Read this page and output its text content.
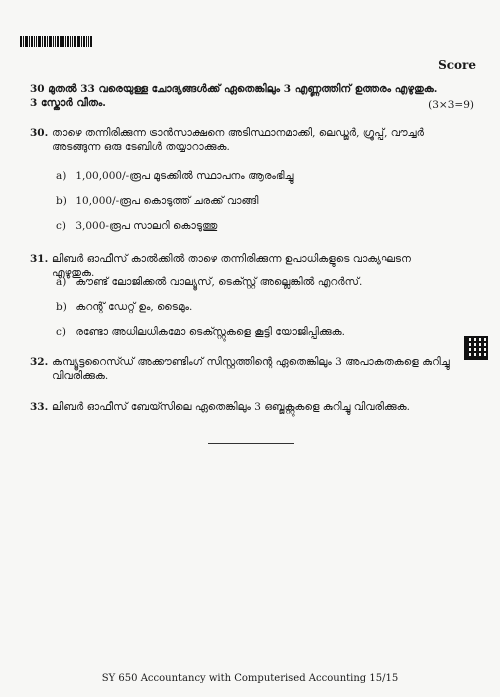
Score
30 മുതൽ 33 വരെയുള്ള ചോദ്യങ്ങൾക്ക് ഏതെങ്കിലും 3 എണ്ണത്തിന് ഉത്തരം എഴുതുക.
3 സ്കോർ വീതം.	(3×3=9)
30. താഴെ തന്നിരിക്കുന്ന ട്രാൻസാക്ഷനെ അടിസ്ഥാനമാക്കി, ലെഡ്ജർ, ഗ്രൂപ്പ്, വൗച്ചർ അടങ്ങുന്ന ഒരു ടേബിൾ തയ്യാറാക്കുക.
a) 1,00,000/-രൂപ മുടക്കിൽ സ്ഥാപനം ആരംഭിച്ചു
b) 10,000/-രൂപ കൊടുത്ത് ചരക്ക് വാങ്ങി
c) 3,000-രൂപ സാലറി കൊടുത്തു
31. ലിബർ ഓഫീസ് കാൽക്കിൽ താഴെ തന്നിരിക്കുന്ന ഉപാധികളുടെ വാക്യഘടന എഴുതുക.
a) കൗണ്ട് ലോജിക്കൽ വാല്യൂസ്, ടെക്സ്റ്റ് അല്ലെങ്കിൽ എറർസ്.
b) കറന്റ് ഡേറ്റ് ഉം, ടൈമും.
c) രണ്ടോ അധിലധികമോ ടെക്സ്റ്റുകളെ കൂട്ടി യോജിപ്പിക്കുക.
32. കമ്പ്യൂട്ടറൈസ്ഡ് അക്കൗണ്ടിംഗ് സിസ്റ്റത്തിന്റെ ഏതെങ്കിലും 3 അപാകതകളെ കുറിച്ചു വിവരിക്കുക.
33. ലിബർ ഓഫീസ് ബേയ്സിലെ ഏതെങ്കിലും 3 ഒബ്ജക്റ്റുകളെ കുറിച്ചു വിവരിക്കുക.
SY 650 Accountancy with Computerised Accounting 15/15
